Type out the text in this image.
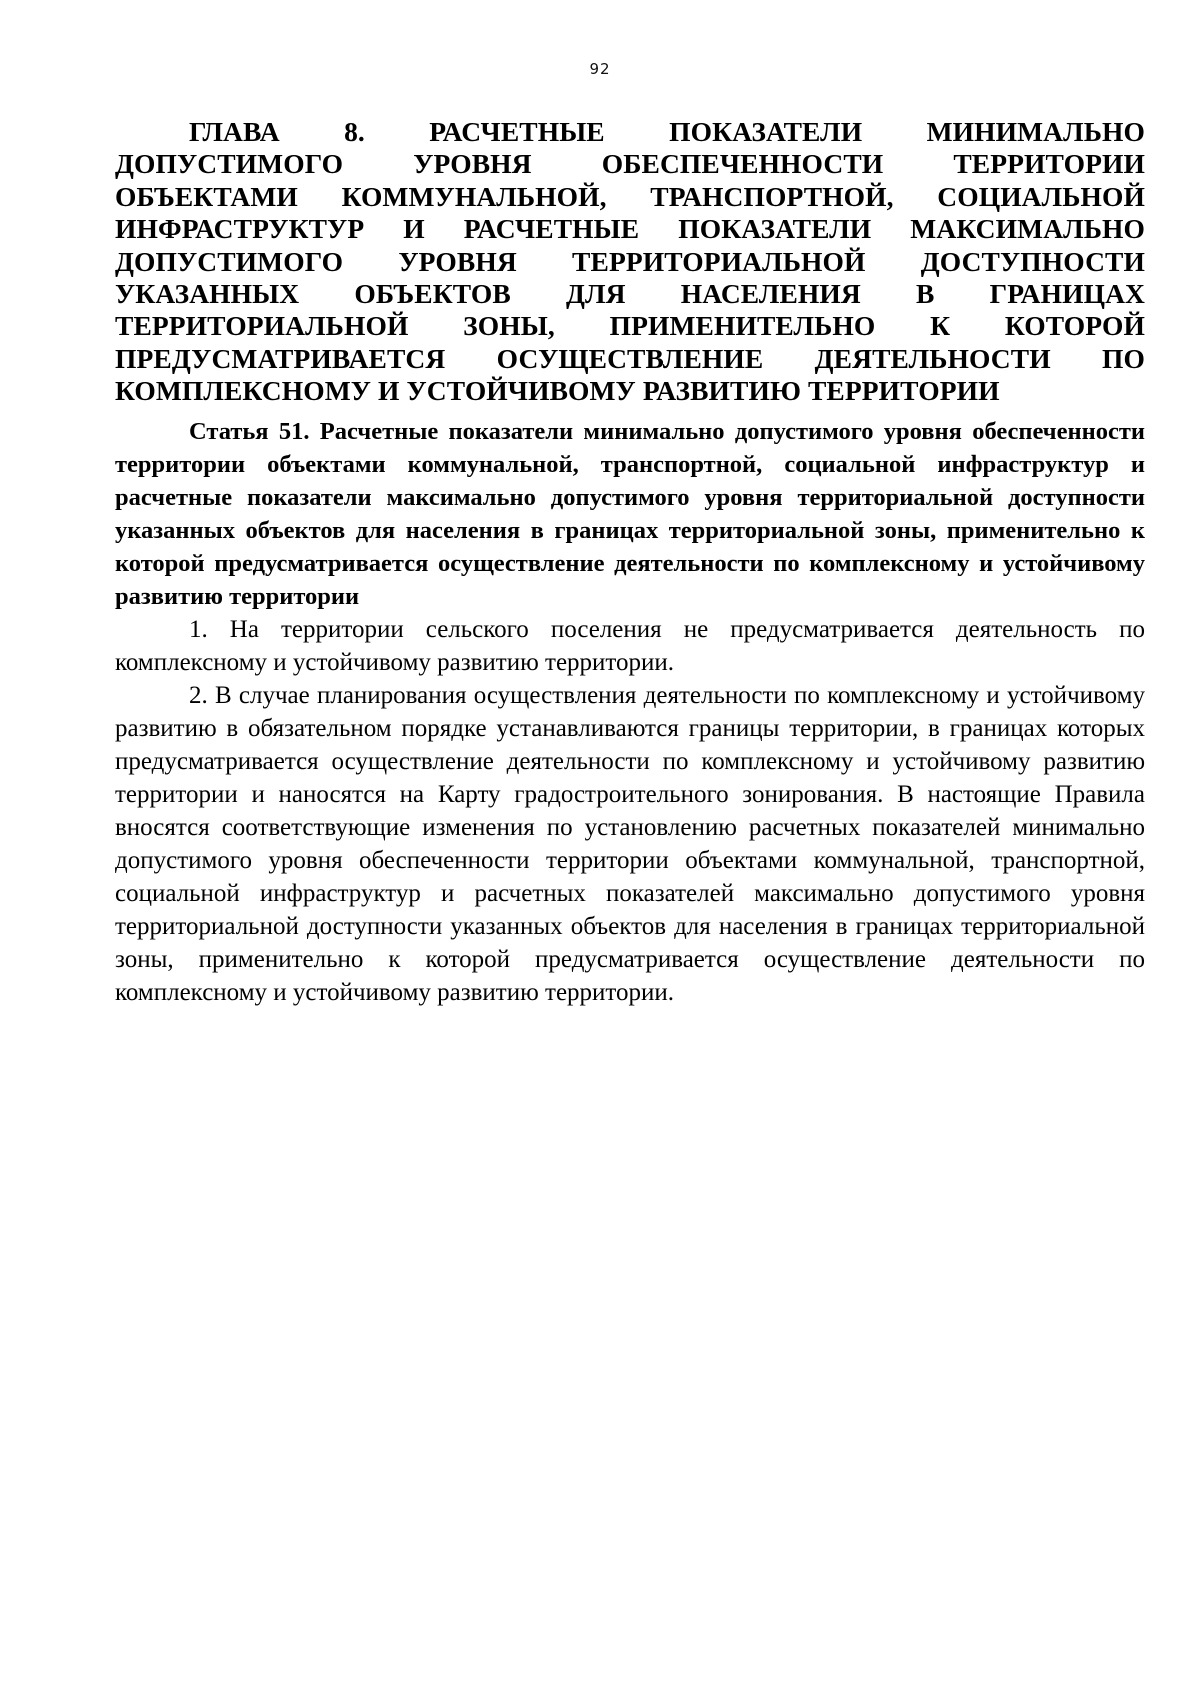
92
ГЛАВА 8. РАСЧЕТНЫЕ ПОКАЗАТЕЛИ МИНИМАЛЬНО ДОПУСТИМОГО УРОВНЯ ОБЕСПЕЧЕННОСТИ ТЕРРИТОРИИ ОБЪЕКТАМИ КОММУНАЛЬНОЙ, ТРАНСПОРТНОЙ, СОЦИАЛЬНОЙ ИНФРАСТРУКТУР И РАСЧЕТНЫЕ ПОКАЗАТЕЛИ МАКСИМАЛЬНО ДОПУСТИМОГО УРОВНЯ ТЕРРИТОРИАЛЬНОЙ ДОСТУПНОСТИ УКАЗАННЫХ ОБЪЕКТОВ ДЛЯ НАСЕЛЕНИЯ В ГРАНИЦАХ ТЕРРИТОРИАЛЬНОЙ ЗОНЫ, ПРИМЕНИТЕЛЬНО К КОТОРОЙ ПРЕДУСМАТРИВАЕТСЯ ОСУЩЕСТВЛЕНИЕ ДЕЯТЕЛЬНОСТИ ПО КОМПЛЕКСНОМУ И УСТОЙЧИВОМУ РАЗВИТИЮ ТЕРРИТОРИИ
Статья 51. Расчетные показатели минимально допустимого уровня обеспеченности территории объектами коммунальной, транспортной, социальной инфраструктур и расчетные показатели максимально допустимого уровня территориальной доступности указанных объектов для населения в границах территориальной зоны, применительно к которой предусматривается осуществление деятельности по комплексному и устойчивому развитию территории

1. На территории сельского поселения не предусматривается деятельность по комплексному и устойчивому развитию территории.

2. В случае планирования осуществления деятельности по комплексному и устойчивому развитию в обязательном порядке устанавливаются границы территории, в границах которых предусматривается осуществление деятельности по комплексному и устойчивому развитию территории и наносятся на Карту градостроительного зонирования. В настоящие Правила вносятся соответствующие изменения по установлению расчетных показателей минимально допустимого уровня обеспеченности территории объектами коммунальной, транспортной, социальной инфраструктур и расчетных показателей максимально допустимого уровня территориальной доступности указанных объектов для населения в границах территориальной зоны, применительно к которой предусматривается осуществление деятельности по комплексному и устойчивому развитию территории.
